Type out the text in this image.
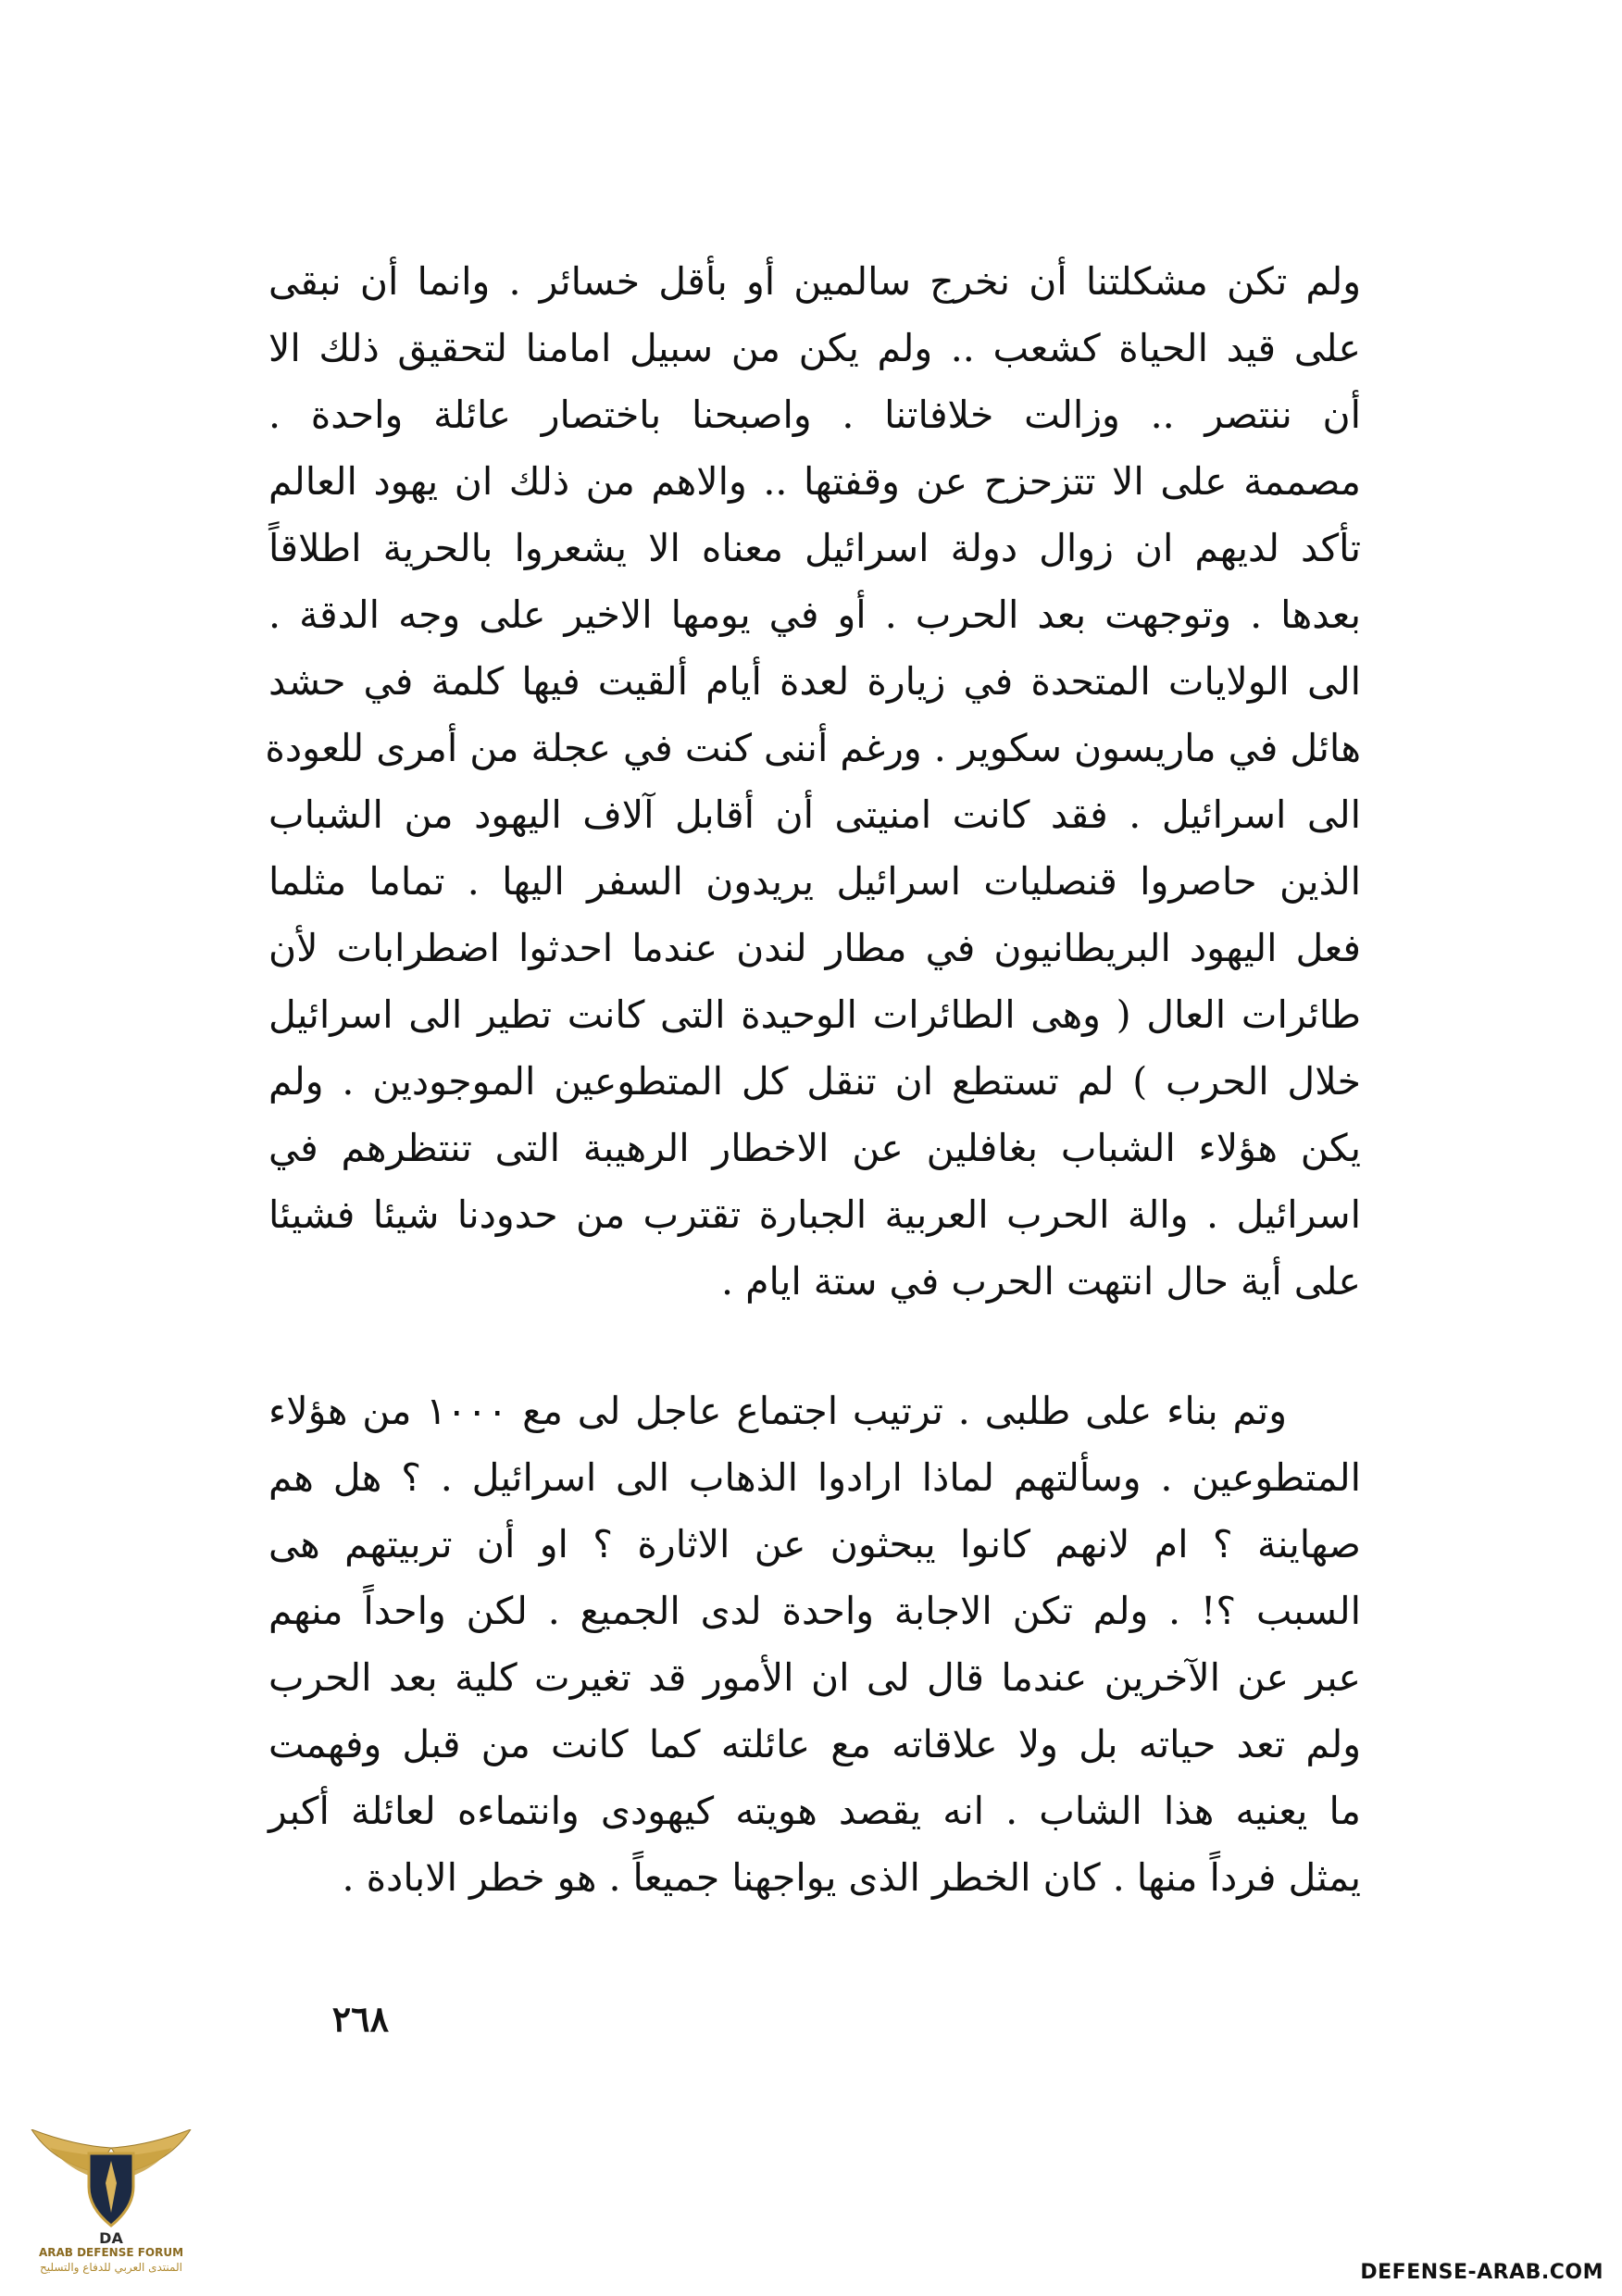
ولم تكن مشكلتنا أن نخرج سالمين أو بأقل خسائر . وانما أن نبقى
على قيد الحياة كشعب .. ولم يكن من سبيل امامنا لتحقيق ذلك الا
أن ننتصر .. وزالت خلافاتنا . واصبحنا باختصار عائلة واحدة .
مصممة على الا تتزحزح عن وقفتها .. والاهم من ذلك ان يهود العالم
تأكد لديهم ان زوال دولة اسرائيل معناه الا يشعروا بالحرية اطلاقاً
بعدها . وتوجهت بعد الحرب . أو في يومها الاخير على وجه الدقة .
الى الولايات المتحدة في زيارة لعدة أيام ألقيت فيها كلمة في حشد
هائل في ماريسون سكوير . ورغم أننى كنت في عجلة من أمرى للعودة
الى اسرائيل . فقد كانت امنيتى أن أقابل آلاف اليهود من الشباب
الذين حاصروا قنصليات اسرائيل يريدون السفر اليها . تماما مثلما
فعل اليهود البريطانيون في مطار لندن عندما احدثوا اضطرابات لأن
طائرات العال ( وهى الطائرات الوحيدة التى كانت تطير الى اسرائيل
خلال الحرب ) لم تستطع ان تنقل كل المتطوعين الموجودين . ولم
يكن هؤلاء الشباب بغافلين عن الاخطار الرهيبة التى تنتظرهم في
اسرائيل . والة الحرب العربية الجبارة تقترب من حدودنا شيئا فشيئا
على أية حال انتهت الحرب في ستة ايام .
وتم بناء على طلبى . ترتيب اجتماع عاجل لى مع ١٠٠٠ من هؤلاء
المتطوعين . وسألتهم لماذا ارادوا الذهاب الى اسرائيل . ؟ هل هم
صهاينة ؟ ام لانهم كانوا يبحثون عن الاثارة ؟ او أن تربيتهم هى
السبب ؟! . ولم تكن الاجابة واحدة لدى الجميع . لكن واحداً منهم
عبر عن الآخرين عندما قال لى ان الأمور قد تغيرت كلية بعد الحرب
ولم تعد حياته بل ولا علاقاته مع عائلته كما كانت من قبل وفهمت
ما يعنيه هذا الشاب . انه يقصد هويته كيهودى وانتماءه لعائلة أكبر
يمثل فرداً منها . كان الخطر الذى يواجهنا جميعاً . هو خطر الابادة .
٢٦٨
DA
ARAB DEFENSE FORUM
المنتدى العربي للدفاع والتسليح	DEFENSE-ARAB.COM
